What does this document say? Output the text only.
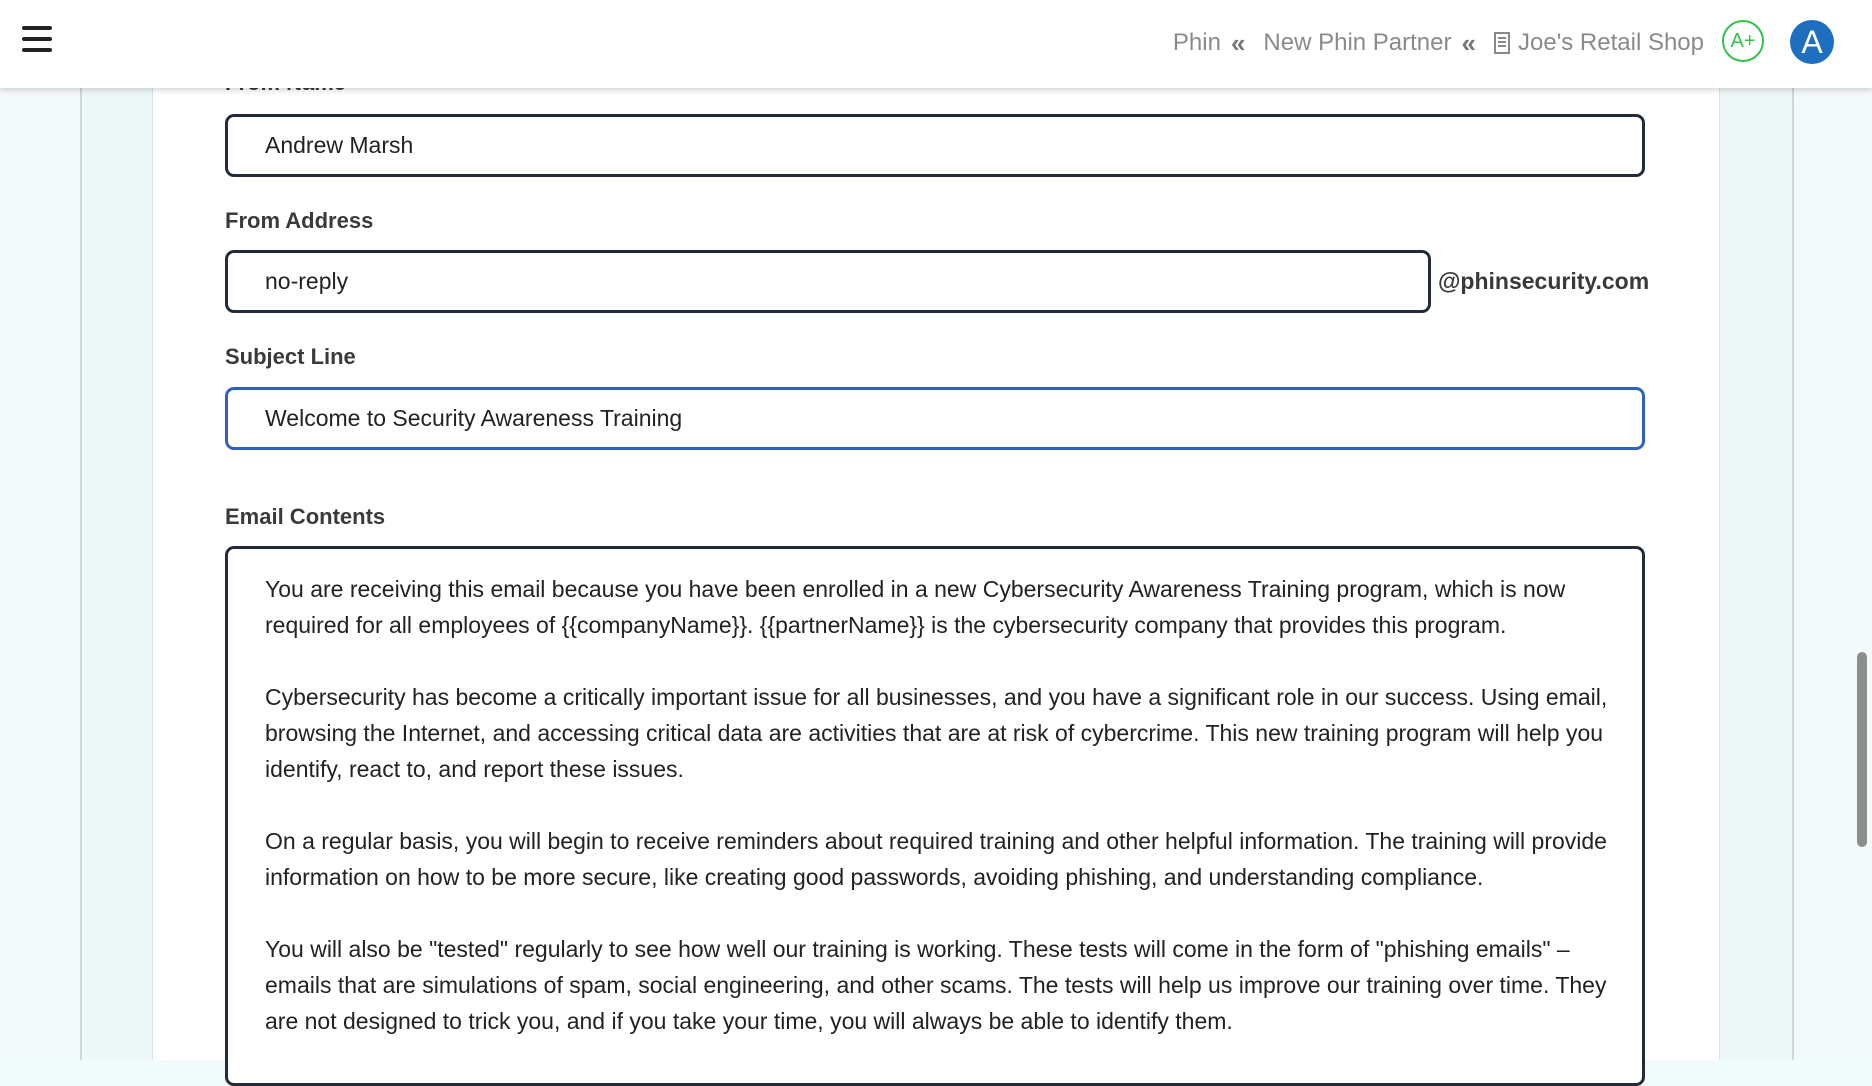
Phin « New Phin Partner « Joe's Retail Shop	A+	A
Andrew Marsh
From Address
no-reply
@phinsecurity.com
Subject Line
Welcome to Security Awareness Training
Email Contents

You are receiving this email because you have been enrolled in a new Cybersecurity Awareness Training program, which is now required for all employees of {{companyName}}. {{partnerName}} is the cybersecurity company that provides this program.

Cybersecurity has become a critically important issue for all businesses, and you have a significant role in our success. Using email, browsing the Internet, and accessing critical data are activities that are at risk of cybercrime. This new training program will help you identify, react to, and report these issues.

On a regular basis, you will begin to receive reminders about required training and other helpful information. The training will provide information on how to be more secure, like creating good passwords, avoiding phishing, and understanding compliance.

You will also be "tested" regularly to see how well our training is working. These tests will come in the form of "phishing emails" – emails that are simulations of spam, social engineering, and other scams. The tests will help us improve our training over time. They are not designed to trick you, and if you take your time, you will always be able to identify them.
